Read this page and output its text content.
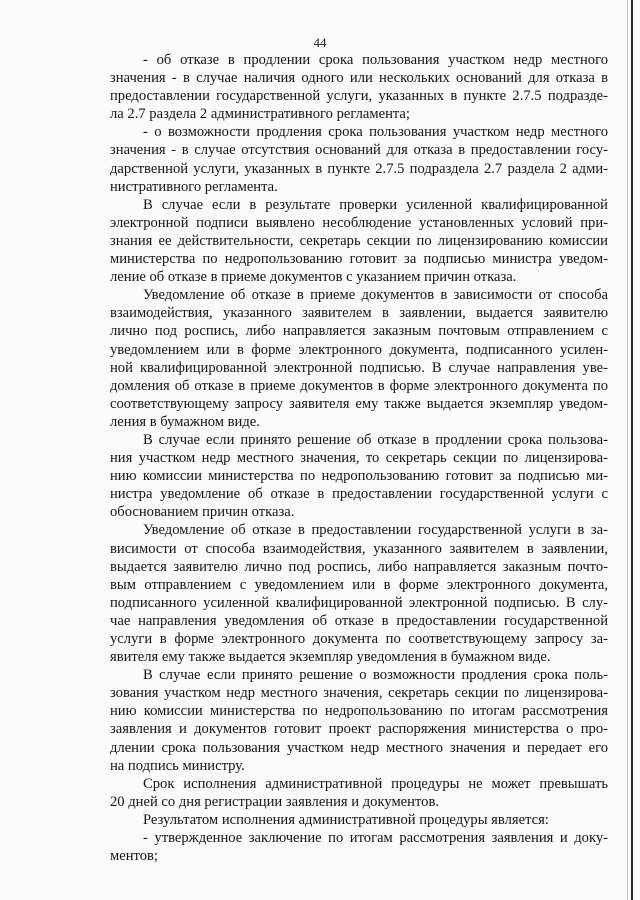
44
- об отказе в продлении срока пользования участком недр местного
значения - в случае наличия одного или нескольких оснований для отказа в
предоставлении государственной услуги, указанных в пункте 2.7.5 подразде-
ла 2.7 раздела 2 административного регламента;
- о возможности продления срока пользования участком недр местного
значения - в случае отсутствия оснований для отказа в предоставлении госу-
дарственной услуги, указанных в пункте 2.7.5 подраздела 2.7 раздела 2 адми-
нистративного регламента.
В случае если в результате проверки усиленной квалифицированной
электронной подписи выявлено несоблюдение установленных условий при-
знания ее действительности, секретарь секции по лицензированию комиссии
министерства по недропользованию готовит за подписью министра уведом-
ление об отказе в приеме документов с указанием причин отказа.
Уведомление об отказе в приеме документов в зависимости от способа
взаимодействия, указанного заявителем в заявлении, выдается заявителю
лично под роспись, либо направляется заказным почтовым отправлением с
уведомлением или в форме электронного документа, подписанного усилен-
ной квалифицированной электронной подписью. В случае направления уве-
домления об отказе в приеме документов в форме электронного документа по
соответствующему запросу заявителя ему также выдается экземпляр уведом-
ления в бумажном виде.
В случае если принято решение об отказе в продлении срока пользова-
ния участком недр местного значения, то секретарь секции по лицензирова-
нию комиссии министерства по недропользованию готовит за подписью ми-
нистра уведомление об отказе в предоставлении государственной услуги с
обоснованием причин отказа.
Уведомление об отказе в предоставлении государственной услуги в за-
висимости от способа взаимодействия, указанного заявителем в заявлении,
выдается заявителю лично под роспись, либо направляется заказным почто-
вым отправлением с уведомлением или в форме электронного документа,
подписанного усиленной квалифицированной электронной подписью. В слу-
чае направления уведомления об отказе в предоставлении государственной
услуги в форме электронного документа по соответствующему запросу за-
явителя ему также выдается экземпляр уведомления в бумажном виде.
В случае если принято решение о возможности продления срока поль-
зования участком недр местного значения, секретарь секции по лицензирова-
нию комиссии министерства по недропользованию по итогам рассмотрения
заявления и документов готовит проект распоряжения министерства о про-
длении срока пользования участком недр местного значения и передает его
на подпись министру.
Срок исполнения административной процедуры не может превышать
20 дней со дня регистрации заявления и документов.
Результатом исполнения административной процедуры является:
- утвержденное заключение по итогам рассмотрения заявления и доку-
ментов;
